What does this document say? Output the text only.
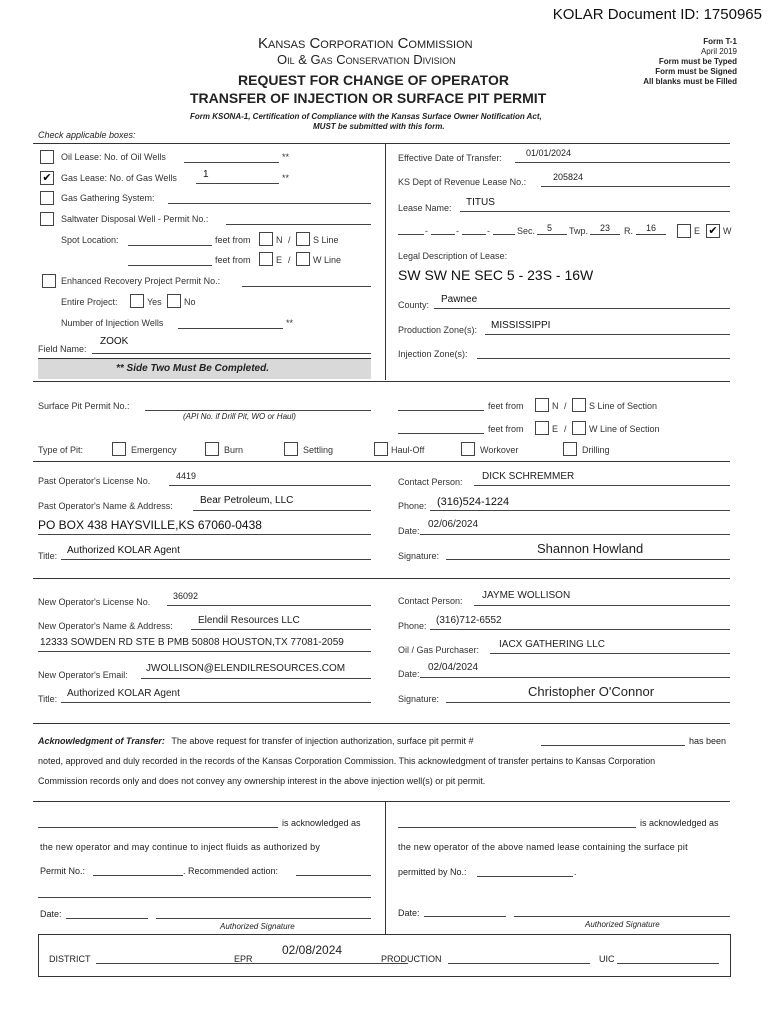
KOLAR Document ID: 1750965
Kansas Corporation Commission
Oil & Gas Conservation Division
REQUEST FOR CHANGE OF OPERATOR
TRANSFER OF INJECTION OR SURFACE PIT PERMIT
Form KSONA-1, Certification of Compliance with the Kansas Surface Owner Notification Act,
MUST be submitted with this form.
Form T-1
April 2019
Form must be Typed
Form must be Signed
All blanks must be Filled
Check applicable boxes:
Oil Lease: No. of Oil Wells	**
✔ Gas Lease: No. of Gas Wells	1	**
Gas Gathering System:
Saltwater Disposal Well - Permit No.:
Spot Location:	feet from	N / S Line
feet from	E / W Line
Enhanced Recovery Project Permit No.:
Entire Project:	Yes No
Number of Injection Wells	**
Field Name:
ZOOK
** Side Two Must Be Completed.
Effective Date of Transfer:	01/01/2024
KS Dept of Revenue Lease No.:	205824
Lease Name: TITUS
-	-	-	Sec. 5 Twp. 23 R. 16	E ✔ W
Legal Description of Lease:
SW SW NE SEC 5 - 23S - 16W
County: Pawnee
Production Zone(s): MISSISSIPPI
Injection Zone(s):
Surface Pit Permit No.:
(API No. if Drill Pit, WO or Haul)
feet from	N / S Line of Section
feet from	E / W Line of Section
Type of Pit:	Emergency	Burn	Settling	Haul-Off	Workover	Drilling
Past Operator's License No.	4419
Past Operator's Name & Address:	Bear Petroleum, LLC
PO BOX 438 HAYSVILLE,KS 67060-0438
Title: Authorized KOLAR Agent
Contact Person: DICK SCHREMMER
Phone: (316)524-1224
Date:
02/06/2024
Signature:	Shannon Howland
New Operator's License No.
36092
New Operator's Name & Address:	Elendil Resources LLC
12333 SOWDEN RD STE B PMB 50808 HOUSTON,TX 77081-2059
New Operator's Email:
JWOLLISON@ELENDILRESOURCES.COM
Title: Authorized KOLAR Agent
Contact Person: JAYME WOLLISON
Phone: (316)712-6552
Oil / Gas Purchaser: IACX GATHERING LLC
Date:
02/04/2024
Signature:	Christopher O'Connor
Acknowledgment of Transfer: The above request for transfer of injection authorization, surface pit permit #	has been
noted, approved and duly recorded in the records of the Kansas Corporation Commission. This acknowledgment of transfer pertains to Kansas Corporation
Commission records only and does not convey any ownership interest in the above injection well(s) or pit permit.
is acknowledged as
the new operator and may continue to inject fluids as authorized by
Permit No.:	. Recommended action:
Date:
Authorized Signature
is acknowledged as
the new operator of the above named lease containing the surface pit
permitted by No.:	.
Date:
Authorized Signature
DISTRICT	EPR
02/08/2024
PRODUCTION	UIC
